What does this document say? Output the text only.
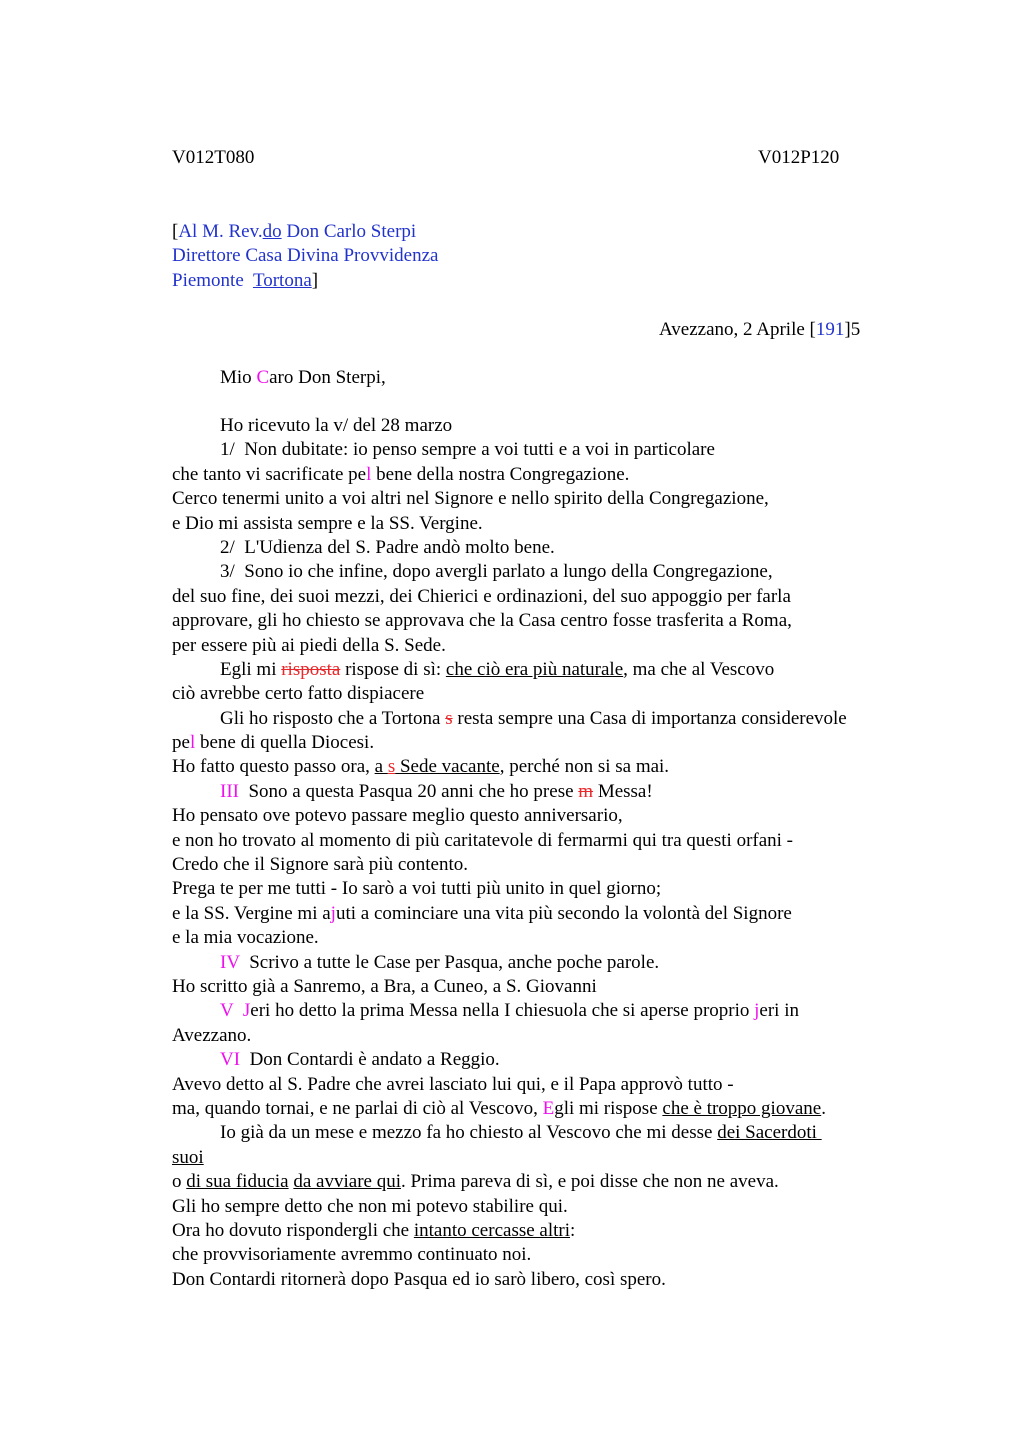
V012T080	V012P120
[Al M. Rev.do Don Carlo Sterpi
Direttore Casa Divina Provvidenza
Piemonte  Tortona]
Avezzano, 2 Aprile [191]5
Mio Caro Don Sterpi,
Ho ricevuto la v/ del 28 marzo
1/  Non dubitate: io penso sempre a voi tutti e a voi in particolare
che tanto vi sacrificate pel bene della nostra Congregazione.
Cerco tenermi unito a voi altri nel Signore e nello spirito della Congregazione,
e Dio mi assista sempre e la SS. Vergine.
2/  L'Udienza del S. Padre andò molto bene.
3/  Sono io che infine, dopo avergli parlato a lungo della Congregazione,
del suo fine, dei suoi mezzi, dei Chierici e ordinazioni, del suo appoggio per farla
approvare, gli ho chiesto se approvava che la Casa centro fosse trasferita a Roma,
per essere più ai piedi della S. Sede.
Egli mi risposta rispose di sì: che ciò era più naturale, ma che al Vescovo
ciò avrebbe certo fatto dispiacere
Gli ho risposto che a Tortona s resta sempre una Casa di importanza considerevole
pel bene di quella Diocesi.
Ho fatto questo passo ora, a s Sede vacante, perché non si sa mai.
III  Sono a questa Pasqua 20 anni che ho prese m Messa!
Ho pensato ove potevo passare meglio questo anniversario,
e non ho trovato al momento di più caritatevole di fermarmi qui tra questi orfani -
Credo che il Signore sarà più contento.
Prega te per me tutti - Io sarò a voi tutti più unito in quel giorno;
e la SS. Vergine mi ajuti a cominciare una vita più secondo la volontà del Signore
e la mia vocazione.
IV  Scrivo a tutte le Case per Pasqua, anche poche parole.
Ho scritto già a Sanremo, a Bra, a Cuneo, a S. Giovanni
V  Jeri ho detto la prima Messa nella I chiesuola che si aperse proprio jeri in
Avezzano.
VI  Don Contardi è andato a Reggio.
Avevo detto al S. Padre che avrei lasciato lui qui, e il Papa approvò tutto -
ma, quando tornai, e ne parlai di ciò al Vescovo, Egli mi rispose che è troppo giovane.
Io già da un mese e mezzo fa ho chiesto al Vescovo che mi desse dei Sacerdoti
suoi
o di sua fiducia da avviare qui. Prima pareva di sì, e poi disse che non ne aveva.
Gli ho sempre detto che non mi potevo stabilire qui.
Ora ho dovuto rispondergli che intanto cercasse altri:
che provvisoriamente avremmo continuato noi.
Don Contardi ritornerà dopo Pasqua ed io sarò libero, così spero.
